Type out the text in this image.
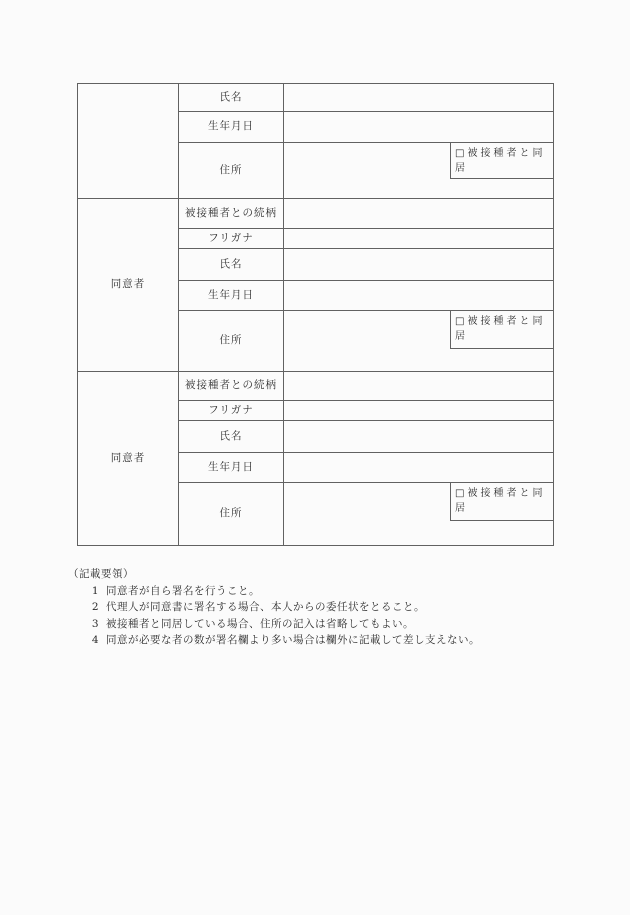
	氏名	
	生年月日	
	住所	□被接種者と同居

同意者	被接種者との続柄	
	フリガナ	
	氏名	
	生年月日	
	住所	□被接種者と同居

同意者	被接種者との続柄	
	フリガナ	
	氏名	
	生年月日	
	住所	□被接種者と同居
（記載要領）
1 同意者が自ら署名を行うこと。
2 代理人が同意書に署名する場合、本人からの委任状をとること。
3 被接種者と同居している場合、住所の記入は省略してもよい。
4 同意が必要な者の数が署名欄より多い場合は欄外に記載して差し支えない。
